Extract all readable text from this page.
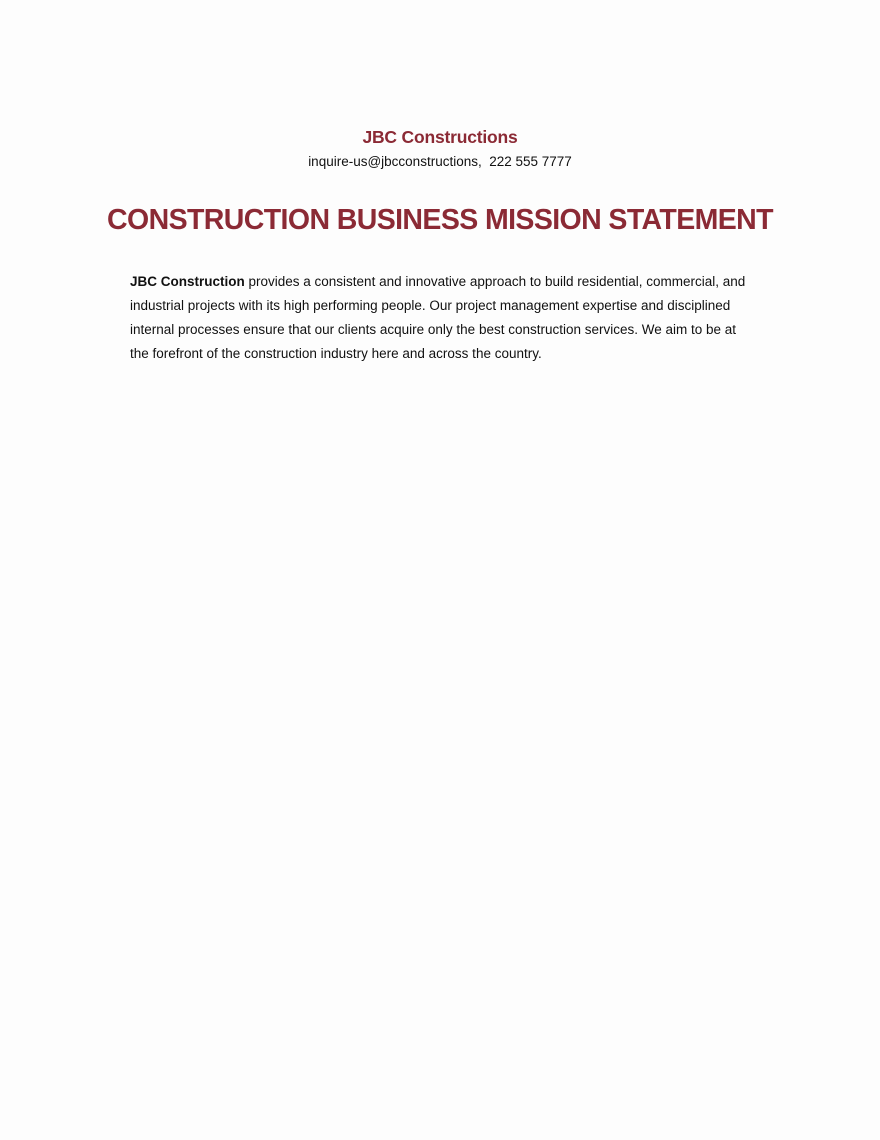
JBC Constructions
inquire-us@jbcconstructions,  222 555 7777
CONSTRUCTION BUSINESS MISSION STATEMENT

JBC Construction provides a consistent and innovative approach to build residential, commercial, and industrial projects with its high performing people. Our project management expertise and disciplined internal processes ensure that our clients acquire only the best construction services. We aim to be at the forefront of the construction industry here and across the country.
